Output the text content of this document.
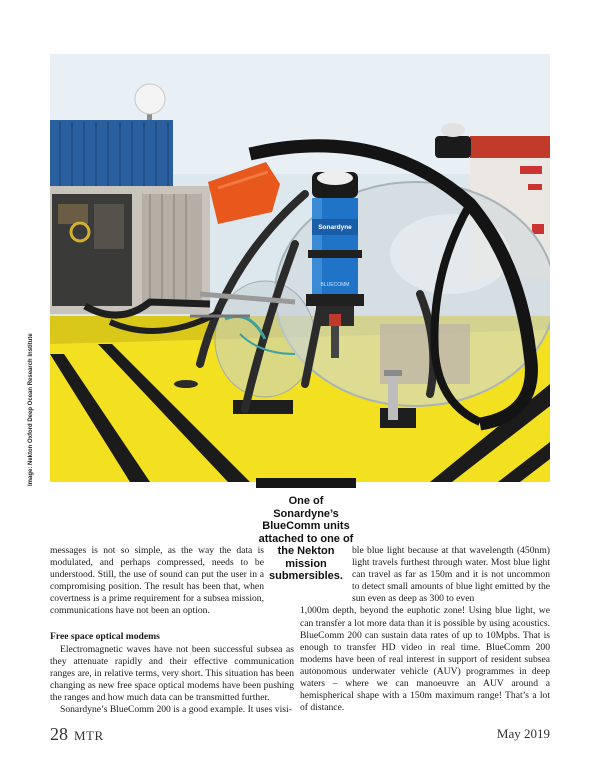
Sonardyne
BLUECOMM
Image: Nekton Oxford Deep Ocean Research Institute
One of Sonardyne’s BlueComm units attached to one of the Nekton mission submersibles.

messages is not so simple, as the way the data is modulated, and perhaps compressed, needs to be understood. Still, the use of sound can put the user in a compromising position. The result has been that, when covertness is a prime requirement for a subsea mission, communications have not been an option.

Free space optical modems

Electromagnetic waves have not been successful subsea as they attenuate rapidly and their effective communication ranges are, in relative terms, very short. This situation has been changing as new free space optical modems have been pushing the ranges and how much data can be transmitted further.

Sonardyne’s BlueComm 200 is a good example. It uses visi-

ble blue light because at that wavelength (450nm) light travels furthest through water. Most blue light can travel as far as 150m and it is not uncommon to detect small amounts of blue light emitted by the sun even as deep as 300 to even

1,000m depth, beyond the euphotic zone! Using blue light, we can transfer a lot more data than it is possible by using acoustics. BlueComm 200 can sustain data rates of up to 10Mpbs. That is enough to transfer HD video in real time. BlueComm 200 modems have been of real interest in support of resident subsea autonomous underwater vehicle (AUV) programmes in deep waters – where we can manoeuvre an AUV around a hemispherical shape with a 150m maximum range! That’s a lot of distance.

28 MTR	May 2019
